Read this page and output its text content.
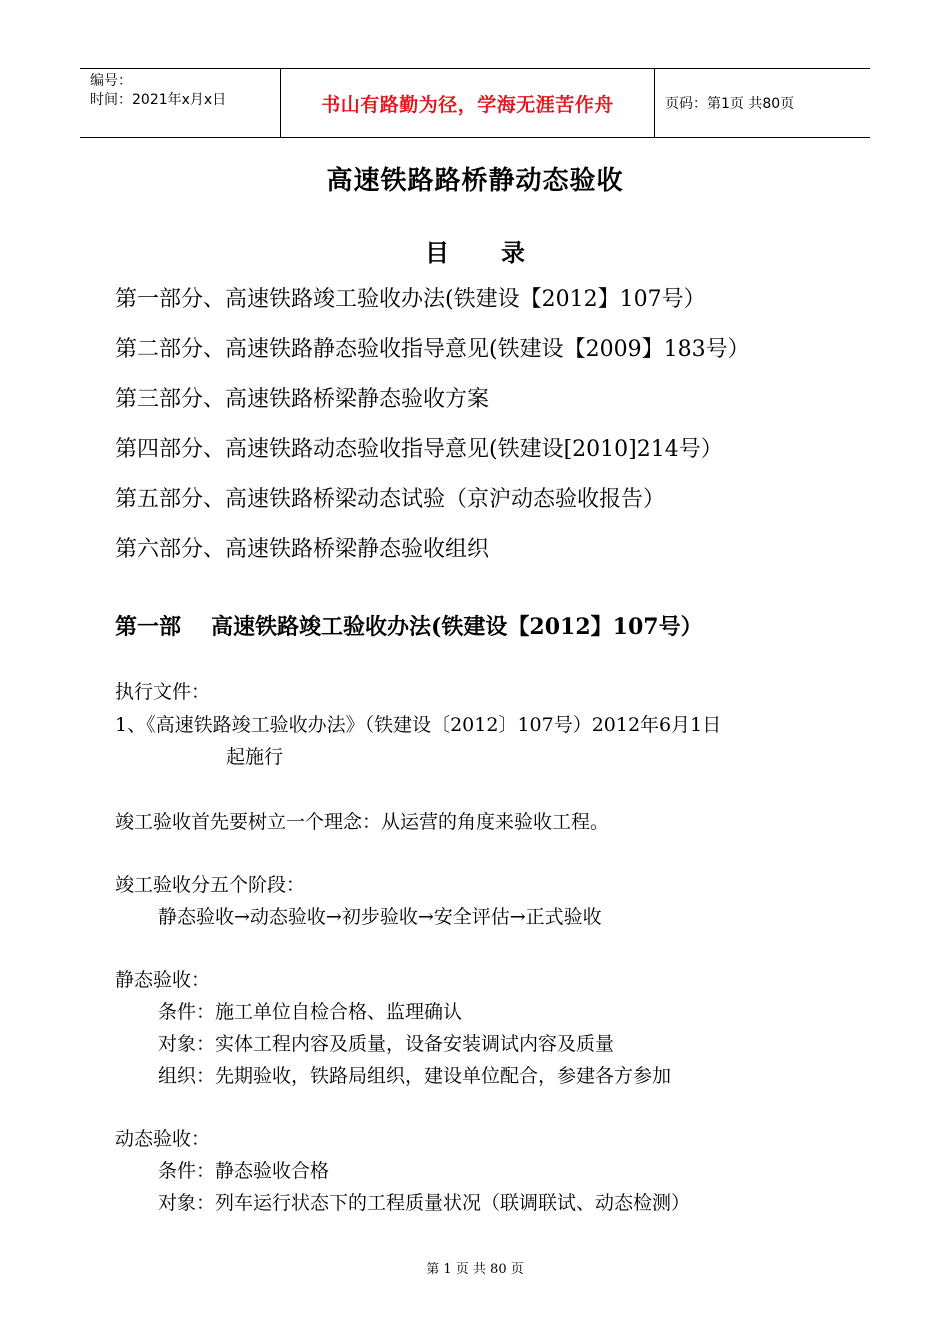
编号：
时间：2021年x月x日	书山有路勤为径，学海无涯苦作舟	页码：第1页 共80页
高速铁路路桥静动态验收
目 录
第一部分、高速铁路竣工验收办法(铁建设【2012】107号）
第二部分、高速铁路静态验收指导意见(铁建设【2009】183号）
第三部分、高速铁路桥梁静态验收方案
第四部分、高速铁路动态验收指导意见(铁建设[2010]214号）
第五部分、高速铁路桥梁动态试验（京沪动态验收报告）
第六部分、高速铁路桥梁静态验收组织
第一部 高速铁路竣工验收办法(铁建设【2012】107号）
执行文件：
1、《高速铁路竣工验收办法》（铁建设〔2012〕107号）2012年6月1日
起施行
竣工验收首先要树立一个理念：从运营的角度来验收工程。
竣工验收分五个阶段：
静态验收→动态验收→初步验收→安全评估→正式验收
静态验收：
条件：施工单位自检合格、监理确认
对象：实体工程内容及质量，设备安装调试内容及质量
组织：先期验收，铁路局组织，建设单位配合，参建各方参加
动态验收：
条件：静态验收合格
对象：列车运行状态下的工程质量状况（联调联试、动态检测）
第 1 页 共 80 页
